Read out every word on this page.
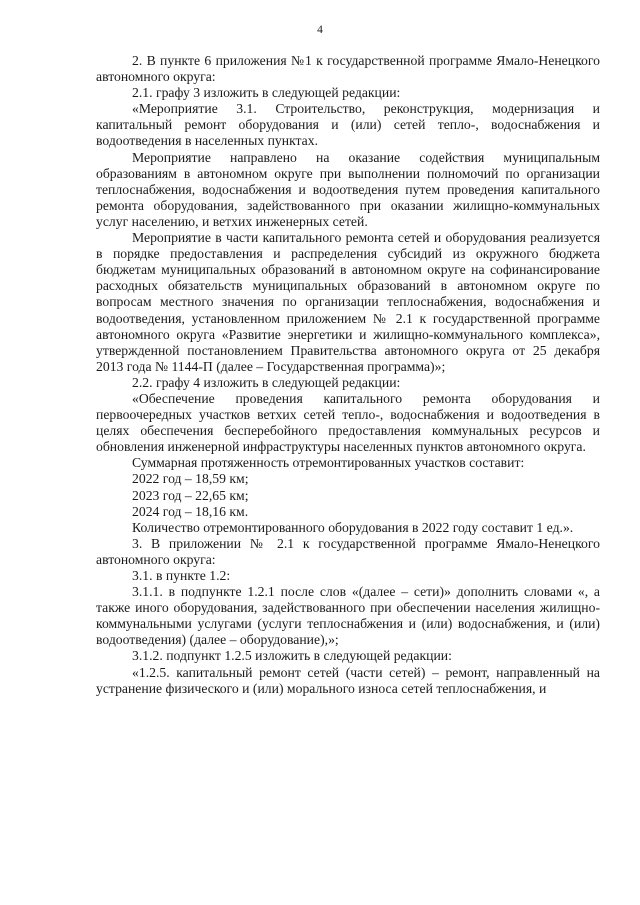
4

2. В пункте 6 приложения №1 к государственной программе Ямало-Ненецкого автономного округа:

2.1. графу 3 изложить в следующей редакции:

«Мероприятие 3.1. Строительство, реконструкция, модернизация и капитальный ремонт оборудования и (или) сетей тепло-, водоснабжения и водоотведения в населенных пунктах.

Мероприятие направлено на оказание содействия муниципальным образованиям в автономном округе при выполнении полномочий по организации теплоснабжения, водоснабжения и водоотведения путем проведения капитального ремонта оборудования, задействованного при оказании жилищно-коммунальных услуг населению, и ветхих инженерных сетей.

Мероприятие в части капитального ремонта сетей и оборудования реализуется в порядке предоставления и распределения субсидий из окружного бюджета бюджетам муниципальных образований в автономном округе на софинансирование расходных обязательств муниципальных образований в автономном округе по вопросам местного значения по организации теплоснабжения, водоснабжения и водоотведения, установленном приложением № 2.1 к государственной программе автономного округа «Развитие энергетики и жилищно-коммунального комплекса», утвержденной постановлением Правительства автономного округа от 25 декабря 2013 года № 1144-П (далее – Государственная программа)»;

2.2. графу 4 изложить в следующей редакции:

«Обеспечение проведения капитального ремонта оборудования и первоочередных участков ветхих сетей тепло-, водоснабжения и водоотведения в целях обеспечения бесперебойного предоставления коммунальных ресурсов и обновления инженерной инфраструктуры населенных пунктов автономного округа.

Суммарная протяженность отремонтированных участков составит:

2022 год – 18,59 км;

2023 год – 22,65 км;

2024 год – 18,16 км.

Количество отремонтированного оборудования в 2022 году составит 1 ед.».

3. В приложении № 2.1 к государственной программе Ямало-Ненецкого автономного округа:

3.1. в пункте 1.2:

3.1.1. в подпункте 1.2.1 после слов «(далее – сети)» дополнить словами «, а также иного оборудования, задействованного при обеспечении населения жилищно-коммунальными услугами (услуги теплоснабжения и (или) водоснабжения, и (или) водоотведения) (далее – оборудование),»;

3.1.2. подпункт 1.2.5 изложить в следующей редакции:

«1.2.5. капитальный ремонт сетей (части сетей) – ремонт, направленный на устранение физического и (или) морального износа сетей теплоснабжения, и
